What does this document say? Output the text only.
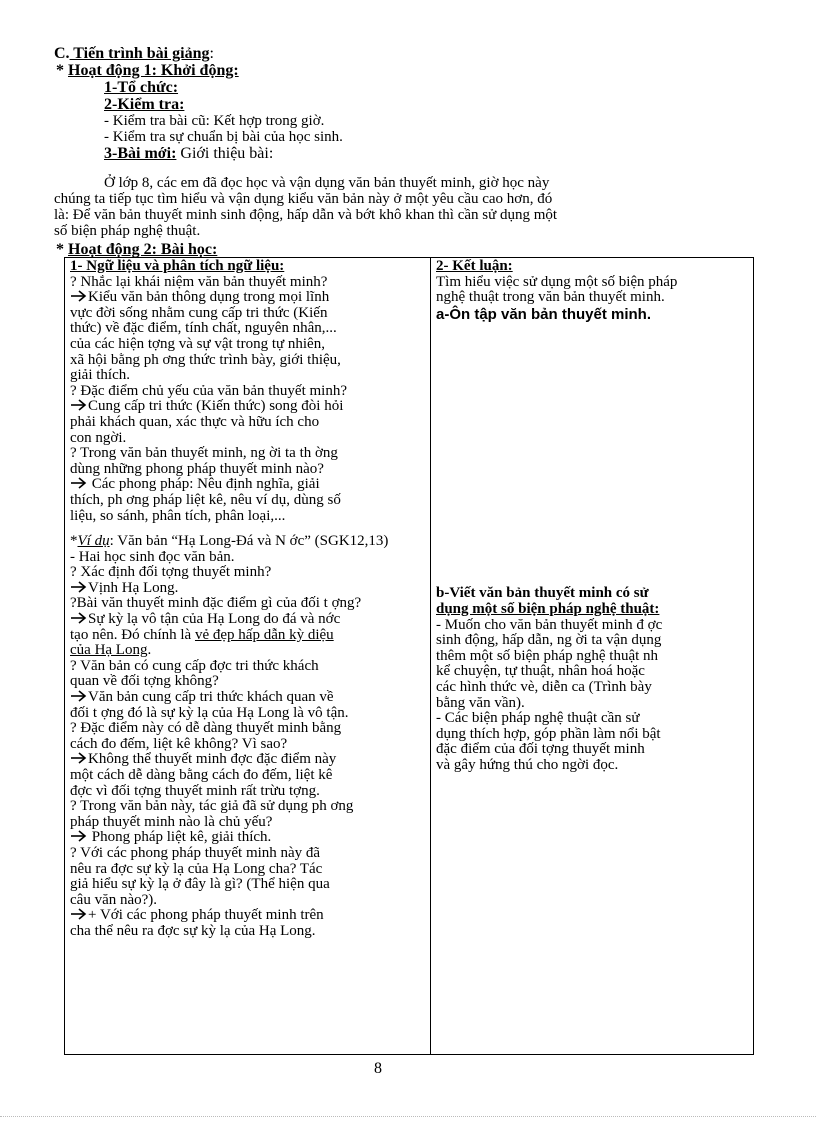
C. Tiến trình bài giảng:
* Hoạt động 1: Khởi động:
1-Tổ chức:
2-Kiểm tra:
- Kiểm tra bài cũ: Kết hợp trong giờ.
- Kiểm tra sự chuẩn bị bài của học sinh.
3-Bài mới: Giới thiệu bài:
Ở lớp 8, các em đã đọc học và vận dụng văn bản thuyết minh, giờ học này
chúng ta tiếp tục tìm hiểu và vận dụng kiểu văn bản này ở một yêu cầu cao hơn, đó
là: Để văn bản thuyết minh sinh động, hấp dẫn và bớt khô khan thì cần sử dụng một
số biện pháp nghệ thuật.
* Hoạt động 2: Bài học:
1- Ngữ liệu và phân tích ngữ liệu:
? Nhắc lại khái niệm văn bản thuyết minh?
Kiểu văn bản thông dụng trong mọi lĩnh
vực đời sống nhằm cung cấp tri thức (Kiến
thức) về đặc điểm, tính chất, nguyên nhân,...
của các hiện tợng và sự vật trong tự nhiên,
xã hội bằng ph ơng thức trình bày, giới thiệu,
giải thích.
? Đặc điểm chủ yếu của văn bản thuyết minh?
Cung cấp tri thức (Kiến thức) song đòi hỏi
phải khách quan, xác thực và hữu ích cho
con ngời.
? Trong văn bản thuyết minh, ng ời ta th ờng
dùng những phong pháp thuyết minh nào?
Các phong pháp: Nêu định nghĩa, giải
thích, ph ơng pháp liệt kê, nêu ví dụ, dùng số
liệu, so sánh, phân tích, phân loại,...
*Ví dụ: Văn bản “Hạ Long-Đá và N ớc” (SGK12,13)
- Hai học sinh đọc văn bản.
? Xác định đối tợng thuyết minh?
Vịnh Hạ Long.
?Bài văn thuyết minh đặc điểm gì của đối t ợng?
Sự kỳ lạ vô tận của Hạ Long do đá và nớc
tạo nên. Đó chính là vẻ đẹp hấp dẫn kỳ diệu
của Hạ Long.
? Văn bản có cung cấp đợc tri thức khách
quan về đối tợng không?
Văn bản cung cấp tri thức khách quan về
đối t ợng đó là sự kỳ lạ của Hạ Long là vô tận.
? Đặc điểm này có dễ dàng thuyết minh bằng
cách đo đếm, liệt kê không? Vì sao?
Không thể thuyết minh đợc đặc điểm này
một cách dễ dàng bằng cách đo đếm, liệt kê
đợc vì đối tợng thuyết minh rất trừu tợng.
? Trong văn bản này, tác giả đã sử dụng ph ơng
pháp thuyết minh nào là chủ yếu?
Phong pháp liệt kê, giải thích.
? Với các phong pháp thuyết minh này đã
nêu ra đợc sự kỳ lạ của Hạ Long cha? Tác
giả hiểu sự kỳ lạ ở đây là gì? (Thể hiện qua
câu văn nào?).
+ Với các phong pháp thuyết minh trên
cha thể nêu ra đợc sự kỳ lạ của Hạ Long.
2- Kết luận:
Tìm hiểu việc sử dụng một số biện pháp
nghệ thuật trong văn bản thuyết minh.
a-Ôn tập văn bản thuyết minh.
b-Viết văn bản thuyết minh có sử
dụng một số biện pháp nghệ thuật:
- Muốn cho văn bản thuyết minh đ ợc
sinh động, hấp dẫn, ng ời ta vận dụng
thêm một số biện pháp nghệ thuật nh
kể chuyện, tự thuật, nhân hoá hoặc
các hình thức vè, diễn ca (Trình bày
bằng văn vần).
- Các biện pháp nghệ thuật cần sử
dụng thích hợp, góp phần làm nổi bật
đặc điểm của đối tợng thuyết minh
và gây hứng thú cho ngời đọc.
8
